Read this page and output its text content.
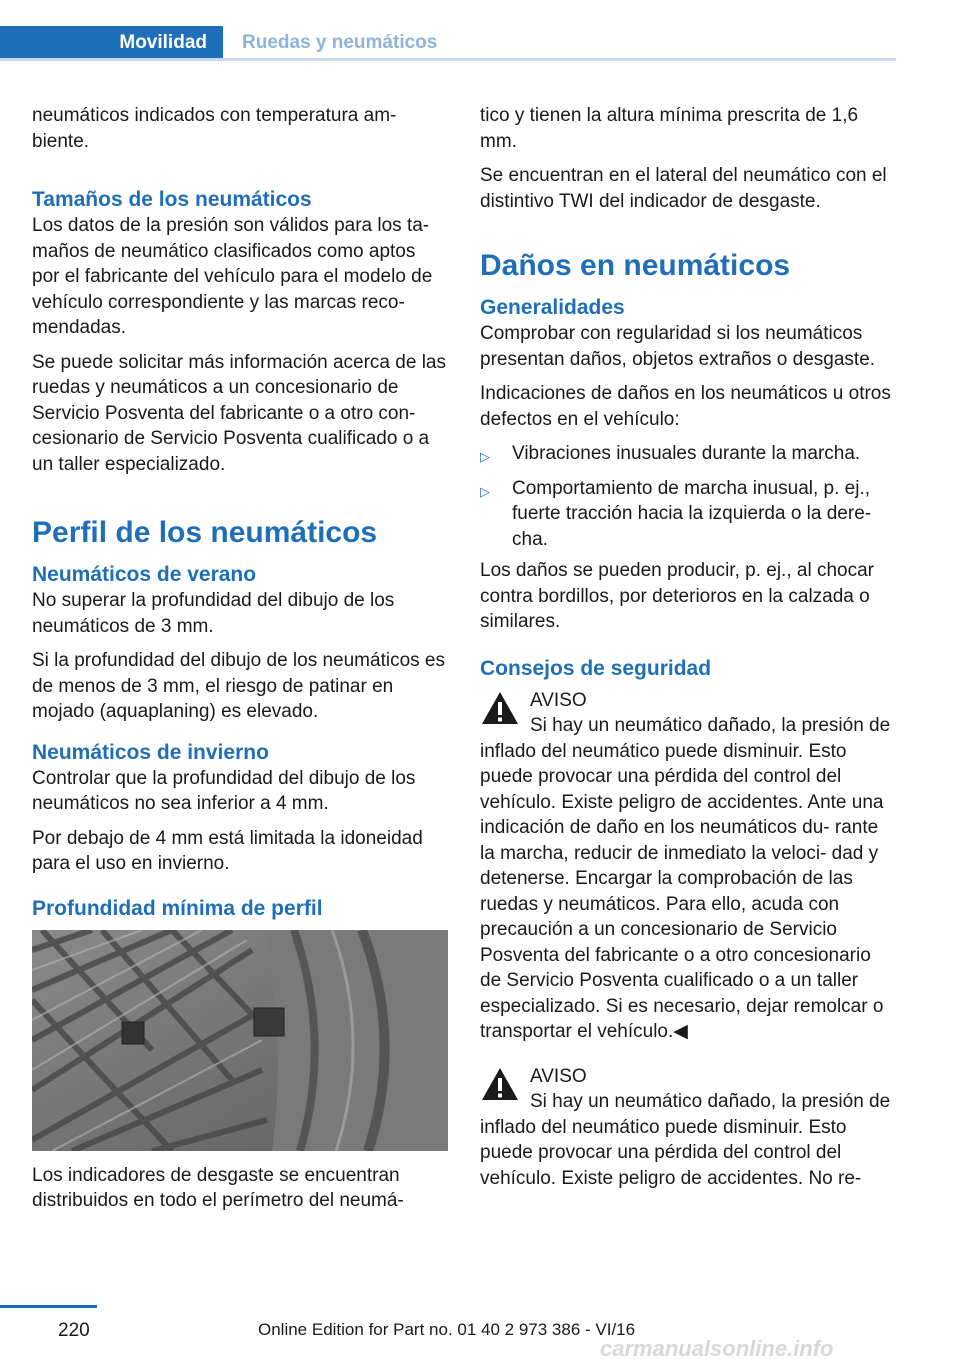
Movilidad Ruedas y neumáticos

neumáticos indicados con temperatura am‐ biente.

Tamaños de los neumáticos

Los datos de la presión son válidos para los ta‐ maños de neumático clasificados como aptos por el fabricante del vehículo para el modelo de vehículo correspondiente y las marcas reco‐ mendadas.

Se puede solicitar más información acerca de las ruedas y neumáticos a un concesionario de Servicio Posventa del fabricante o a otro con‐ cesionario de Servicio Posventa cualificado o a un taller especializado.

Perfil de los neumáticos
Neumáticos de verano

No superar la profundidad del dibujo de los neumáticos de 3 mm.

Si la profundidad del dibujo de los neumáticos es de menos de 3 mm, el riesgo de patinar en mojado (aquaplaning) es elevado.

Neumáticos de invierno

Controlar que la profundidad del dibujo de los neumáticos no sea inferior a 4 mm.

Por debajo de 4 mm está limitada la idoneidad para el uso en invierno.

Profundidad mínima de perfil

Los indicadores de desgaste se encuentran distribuidos en todo el perímetro del neumá‐

tico y tienen la altura mínima prescrita de 1,6 mm.

Se encuentran en el lateral del neumático con el distintivo TWI del indicador de desgaste.

Daños en neumáticos
Generalidades

Comprobar con regularidad si los neumáticos presentan daños, objetos extraños o desgaste.

Indicaciones de daños en los neumáticos u otros defectos en el vehículo:

▷	Vibraciones inusuales durante la marcha.
▷	Comportamiento de marcha inusual, p. ej., fuerte tracción hacia la izquierda o la dere‐ cha.

Los daños se pueden producir, p. ej., al chocar contra bordillos, por deterioros en la calzada o similares.

Consejos de seguridad
AVISO

Si hay un neumático dañado, la presión de inflado del neumático puede disminuir. Esto puede provocar una pérdida del control del vehículo. Existe peligro de accidentes. Ante una indicación de daño en los neumáticos du‐ rante la marcha, reducir de inmediato la veloci‐ dad y detenerse. Encargar la comprobación de las ruedas y neumáticos. Para ello, acuda con precaución a un concesionario de Servicio Posventa del fabricante o a otro concesionario de Servicio Posventa cualificado o a un taller especializado. Si es necesario, dejar remolcar o transportar el vehículo.◀

AVISO

Si hay un neumático dañado, la presión de inflado del neumático puede disminuir. Esto puede provocar una pérdida del control del vehículo. Existe peligro de accidentes. No re‐

220	Online Edition for Part no. 01 40 2 973 386 - VI/16
carmanualsonline.info
